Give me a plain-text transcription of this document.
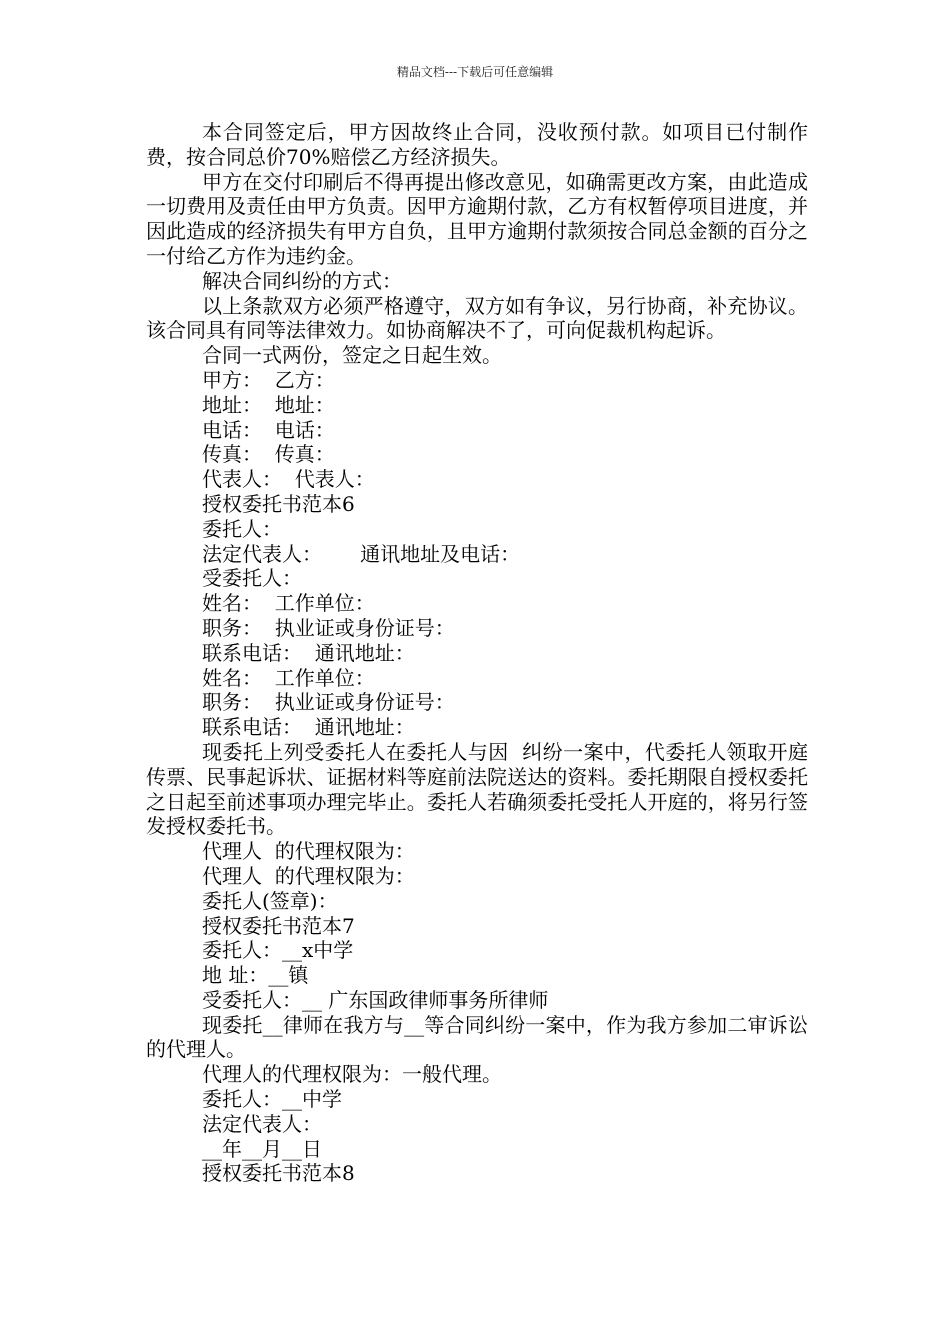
精品文档---下载后可任意编辑

本合同签定后，甲方因故终止合同，没收预付款。如项目已付制作费，按合同总价70%赔偿乙方经济损失。

甲方在交付印刷后不得再提出修改意见，如确需更改方案，由此造成一切费用及责任由甲方负责。因甲方逾期付款，乙方有权暂停项目进度，并因此造成的经济损失有甲方自负，且甲方逾期付款须按合同总金额的百分之一付给乙方作为违约金。

解决合同纠纷的方式：

以上条款双方必须严格遵守，双方如有争议，另行协商，补充协议。该合同具有同等法律效力。如协商解决不了，可向促裁机构起诉。

合同一式两份，签定之日起生效。

甲方：  乙方：

地址：  地址：

电话：  电话：

传真：  传真：

代表人：  代表人：

授权委托书范本6

委托人：

法定代表人：      通讯地址及电话：

受委托人：

姓名：  工作单位：

职务：  执业证或身份证号：

联系电话：  通讯地址：

姓名：  工作单位：

职务：  执业证或身份证号：

联系电话：  通讯地址：

现委托上列受委托人在委托人与因  纠纷一案中，代委托人领取开庭传票、民事起诉状、证据材料等庭前法院送达的资料。委托期限自授权委托之日起至前述事项办理完毕止。委托人若确须委托受托人开庭的，将另行签发授权委托书。

代理人  的代理权限为：

代理人  的代理权限为：

委托人(签章)：

授权委托书范本7

委托人：__x中学

地 址：__镇

受委托人：__ 广东国政律师事务所律师

现委托__律师在我方与__等合同纠纷一案中，作为我方参加二审诉讼的代理人。

代理人的代理权限为：一般代理。

委托人：__中学

法定代表人：

__年__月__日

授权委托书范本8
